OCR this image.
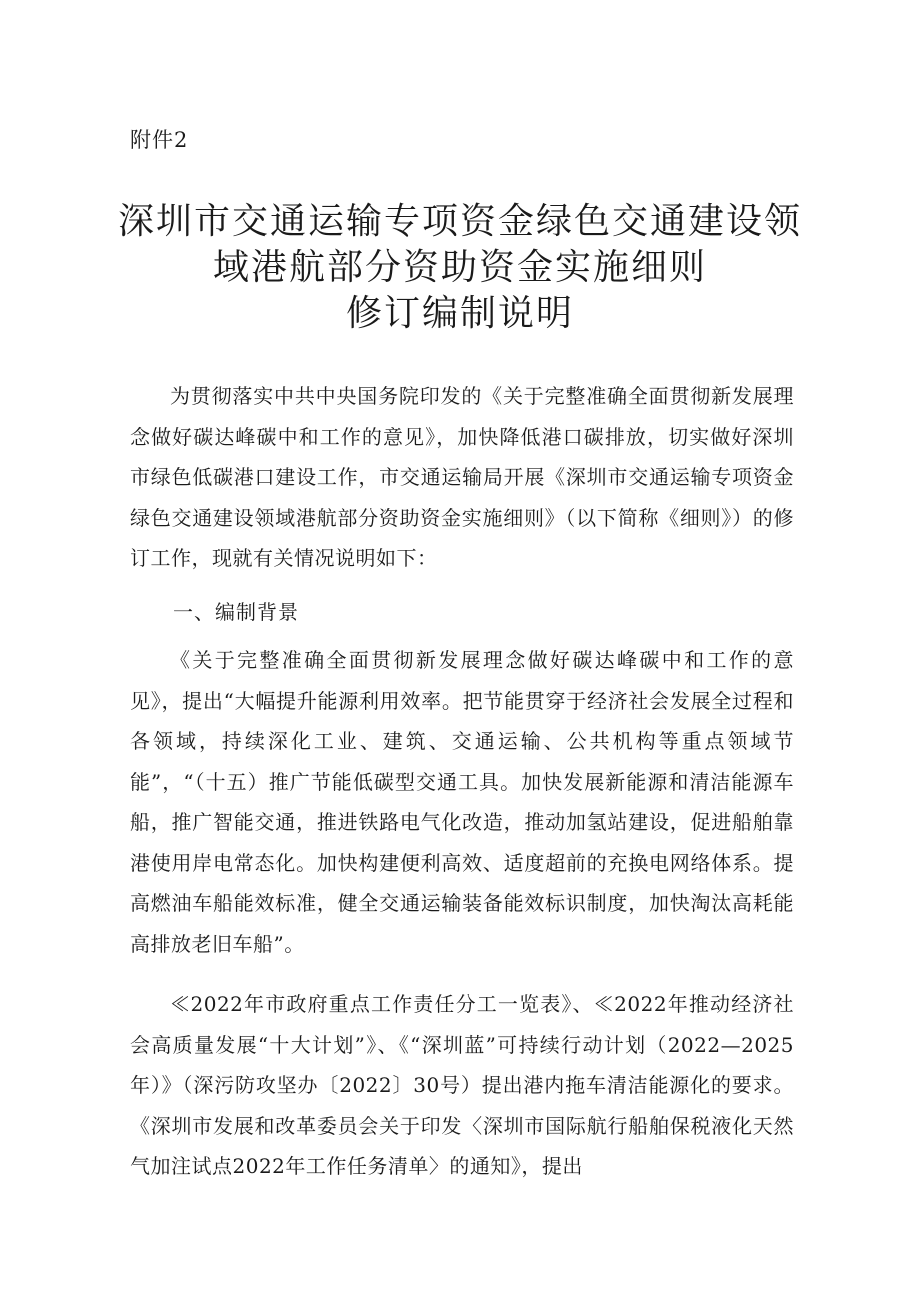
附件2
深圳市交通运输专项资金绿色交通建设领
域港航部分资助资金实施细则
修订编制说明

为贯彻落实中共中央国务院印发的《关于完整准确全面贯彻新发展理念做好碳达峰碳中和工作的意见》，加快降低港口碳排放，切实做好深圳市绿色低碳港口建设工作，市交通运输局开展《深圳市交通运输专项资金绿色交通建设领域港航部分资助资金实施细则》（以下简称《细则》）的修订工作，现就有关情况说明如下：

一、编制背景

《关于完整准确全面贯彻新发展理念做好碳达峰碳中和工作的意见》，提出“大幅提升能源利用效率。把节能贯穿于经济社会发展全过程和各领域，持续深化工业、建筑、交通运输、公共机构等重点领域节能”，“（十五）推广节能低碳型交通工具。加快发展新能源和清洁能源车船，推广智能交通，推进铁路电气化改造，推动加氢站建设，促进船舶靠港使用岸电常态化。加快构建便利高效、适度超前的充换电网络体系。提高燃油车船能效标准，健全交通运输装备能效标识制度，加快淘汰高耗能高排放老旧车船”。

≪2022年市政府重点工作责任分工一览表》、≪2022年推动经济社会高质量发展“十大计划”》、《“深圳蓝”可持续行动计划（2022—2025年）》（深污防攻坚办〔2022〕30号）提出港内拖车清洁能源化的要求。《深圳市发展和改革委员会关于印发〈深圳市国际航行船舶保税液化天然气加注试点2022年工作任务清单〉的通知》，提出
